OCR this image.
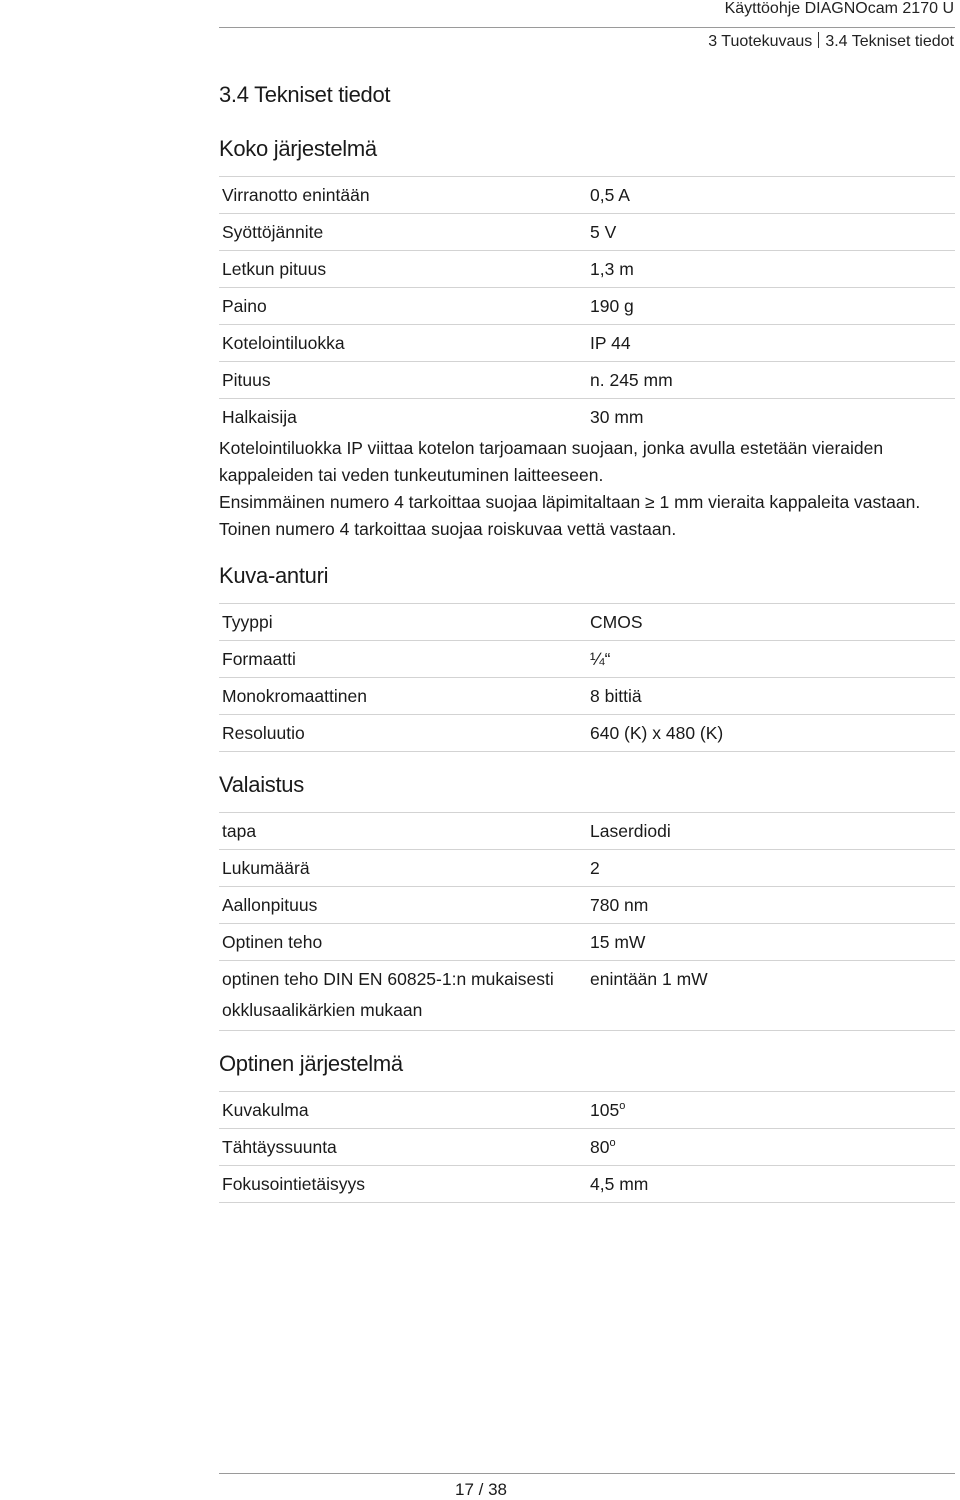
Käyttöohje DIAGNOcam 2170 U
3 Tuotekuvaus 3.4 Tekniset tiedot
3.4 Tekniset tiedot
Koko järjestelmä
Virranotto enintään	0,5 A
Syöttöjännite	5 V
Letkun pituus	1,3 m
Paino	190 g
Kotelointiluokka	IP 44
Pituus	n. 245 mm
Halkaisija	30 mm
Kotelointiluokka IP viittaa kotelon tarjoamaan suojaan, jonka avulla estetään vieraiden kappaleiden tai veden tunkeutuminen laitteeseen.
Ensimmäinen numero 4 tarkoittaa suojaa läpimitaltaan ≥ 1 mm vieraita kappaleita vastaan.
Toinen numero 4 tarkoittaa suojaa roiskuvaa vettä vastaan.
Kuva-anturi
Tyyppi	CMOS
Formaatti	¼“
Monokromaattinen	8 bittiä
Resoluutio	640 (K) x 480 (K)
Valaistus
tapa	Laserdiodi
Lukumäärä	2
Aallonpituus	780 nm
Optinen teho	15 mW
optinen teho DIN EN 60825-1:n mukaisesti okklusaalikärkien mukaan	enintään 1 mW
Optinen järjestelmä
Kuvakulma	105$^o$
Tähtäyssuunta	80$^o$
Fokusointietäisyys	4,5 mm
17 / 38
